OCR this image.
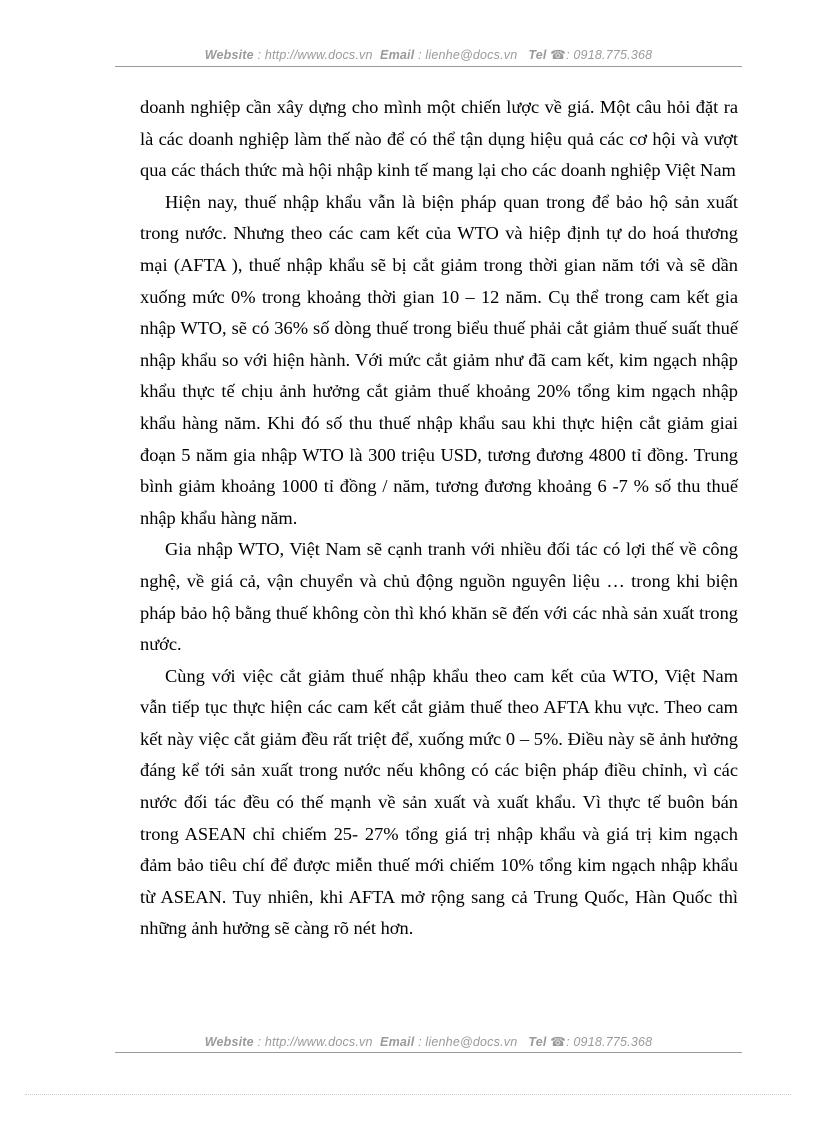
Website : http://www.docs.vn Email : lienhe@docs.vn Tel ☎: 0918.775.368

doanh nghiệp cần xây dựng cho mình một chiến lược về giá. Một câu hỏi đặt ra là các doanh nghiệp làm thế nào để có thể tận dụng hiệu quả các cơ hội và vượt qua các thách thức mà hội nhập kinh tế mang lại cho các doanh nghiệp Việt Nam

Hiện nay, thuế nhập khẩu vẫn là biện pháp quan trong để bảo hộ sản xuất trong nước. Nhưng theo các cam kết của WTO và hiệp định tự do hoá thương mại (AFTA ), thuế nhập khẩu sẽ bị cắt giảm trong thời gian năm tới và sẽ dần xuống mức 0% trong khoảng thời gian 10 – 12 năm. Cụ thể trong cam kết gia nhập WTO, sẽ có 36% số dòng thuế trong biểu thuế phải cắt giảm thuế suất thuế nhập khẩu so với hiện hành. Với mức cắt giảm như đã cam kết, kim ngạch nhập khẩu thực tế chịu ảnh hưởng cắt giảm thuế khoảng 20% tổng kim ngạch nhập khẩu hàng năm. Khi đó số thu thuế nhập khẩu sau khi thực hiện cắt giảm giai đoạn 5 năm gia nhập WTO là 300 triệu USD, tương đương 4800 tỉ đồng. Trung bình giảm khoảng 1000 tỉ đồng / năm, tương đương khoảng 6 -7 % số thu thuế nhập khẩu hàng năm.

Gia nhập WTO, Việt Nam sẽ cạnh tranh với nhiều đối tác có lợi thế về công nghệ, về giá cả, vận chuyển và chủ động nguồn nguyên liệu … trong khi biện pháp bảo hộ bằng thuế không còn thì khó khăn sẽ đến với các nhà sản xuất trong nước.

Cùng với việc cắt giảm thuế nhập khẩu theo cam kết của WTO, Việt Nam vẫn tiếp tục thực hiện các cam kết cắt giảm thuế theo AFTA khu vực. Theo cam kết này việc cắt giảm đều rất triệt để, xuống mức 0 – 5%. Điều này sẽ ảnh hưởng đáng kể tới sản xuất trong nước nếu không có các biện pháp điều chỉnh, vì các nước đối tác đều có thế mạnh về sản xuất và xuất khẩu. Vì thực tế buôn bán trong ASEAN chỉ chiếm 25- 27% tổng giá trị nhập khẩu và giá trị kim ngạch đảm bảo tiêu chí để được miễn thuế mới chiếm 10% tổng kim ngạch nhập khẩu từ ASEAN. Tuy nhiên, khi AFTA mở rộng sang cả Trung Quốc, Hàn Quốc thì những ảnh hưởng sẽ càng rõ nét hơn.

Website : http://www.docs.vn Email : lienhe@docs.vn Tel ☎: 0918.775.368
